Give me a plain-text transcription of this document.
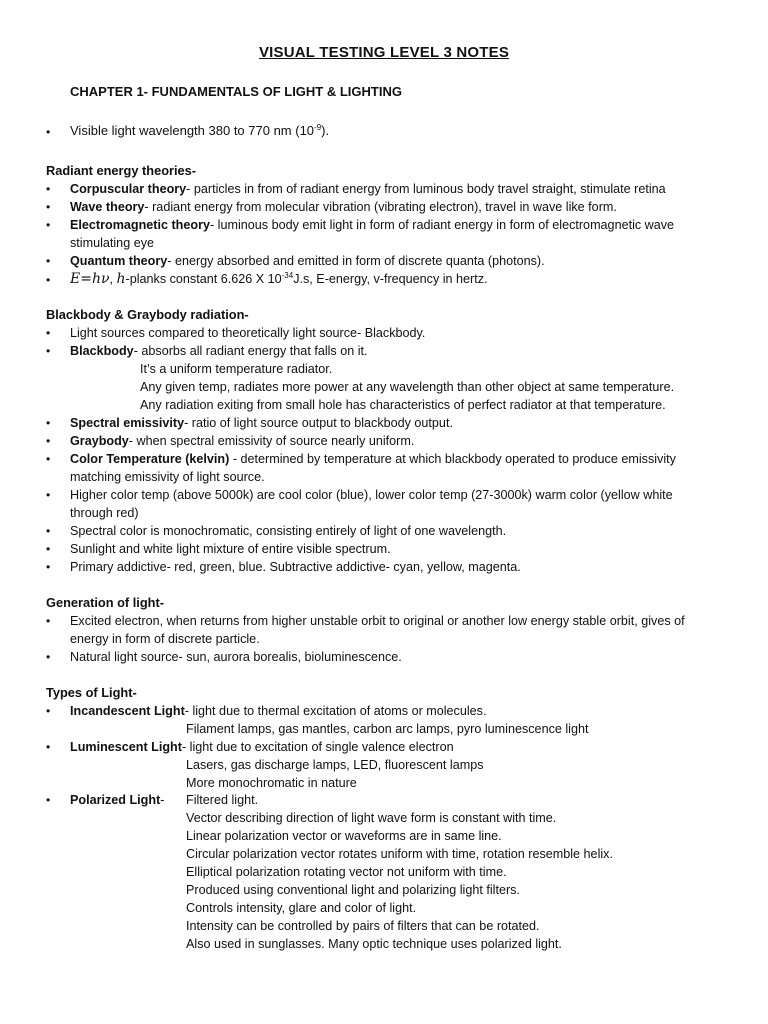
VISUAL TESTING LEVEL 3 NOTES
CHAPTER 1- FUNDAMENTALS OF LIGHT & LIGHTING
• Visible light wavelength 380 to 770 nm $(10^{-9})$.
Radiant energy theories-
• Corpuscular theory- particles in from of radiant energy from luminous body travel straight, stimulate retina
• Wave theory- radiant energy from molecular vibration (vibrating electron), travel in wave like form.
• Electromagnetic theory- luminous body emit light in form of radiant energy in form of electromagnetic wave
stimulating eye
• Quantum theory- energy absorbed and emitted in form of discrete quanta (photons).
• E=hν, h-planks constant 6.626 X $10^{-34}J.s$, E-energy, v-frequency in hertz.
Blackbody & Graybody radiation-
• Light sources compared to theoretically light source- Blackbody.
• Blackbody- absorbs all radiant energy that falls on it.
It’s a uniform temperature radiator.
Any given temp, radiates more power at any wavelength than other object at same temperature.
Any radiation exiting from small hole has characteristics of perfect radiator at that temperature.
• Spectral emissivity- ratio of light source output to blackbody output.
• Graybody- when spectral emissivity of source nearly uniform.
• Color Temperature (kelvin) - determined by temperature at which blackbody operated to produce emissivity
matching emissivity of light source.
• Higher color temp (above 5000k) are cool color (blue), lower color temp (27-3000k) warm color (yellow white
through red)
• Spectral color is monochromatic, consisting entirely of light of one wavelength.
• Sunlight and white light mixture of entire visible spectrum.
• Primary addictive- red, green, blue. Subtractive addictive- cyan, yellow, magenta.
Generation of light-
• Excited electron, when returns from higher unstable orbit to original or another low energy stable orbit, gives of
energy in form of discrete particle.
• Natural light source- sun, aurora borealis, bioluminescence.
Types of Light-
• Incandescent Light- light due to thermal excitation of atoms or molecules.
Filament lamps, gas mantles, carbon arc lamps, pyro luminescence light
• Luminescent Light- light due to excitation of single valence electron
Lasers, gas discharge lamps, LED, fluorescent lamps
More monochromatic in nature
• Polarized Light-	Filtered light.
Vector describing direction of light wave form is constant with time.
Linear polarization vector or waveforms are in same line.
Circular polarization vector rotates uniform with time, rotation resemble helix.
Elliptical polarization rotating vector not uniform with time.
Produced using conventional light and polarizing light filters.
Controls intensity, glare and color of light.
Intensity can be controlled by pairs of filters that can be rotated.
Also used in sunglasses. Many optic technique uses polarized light.
